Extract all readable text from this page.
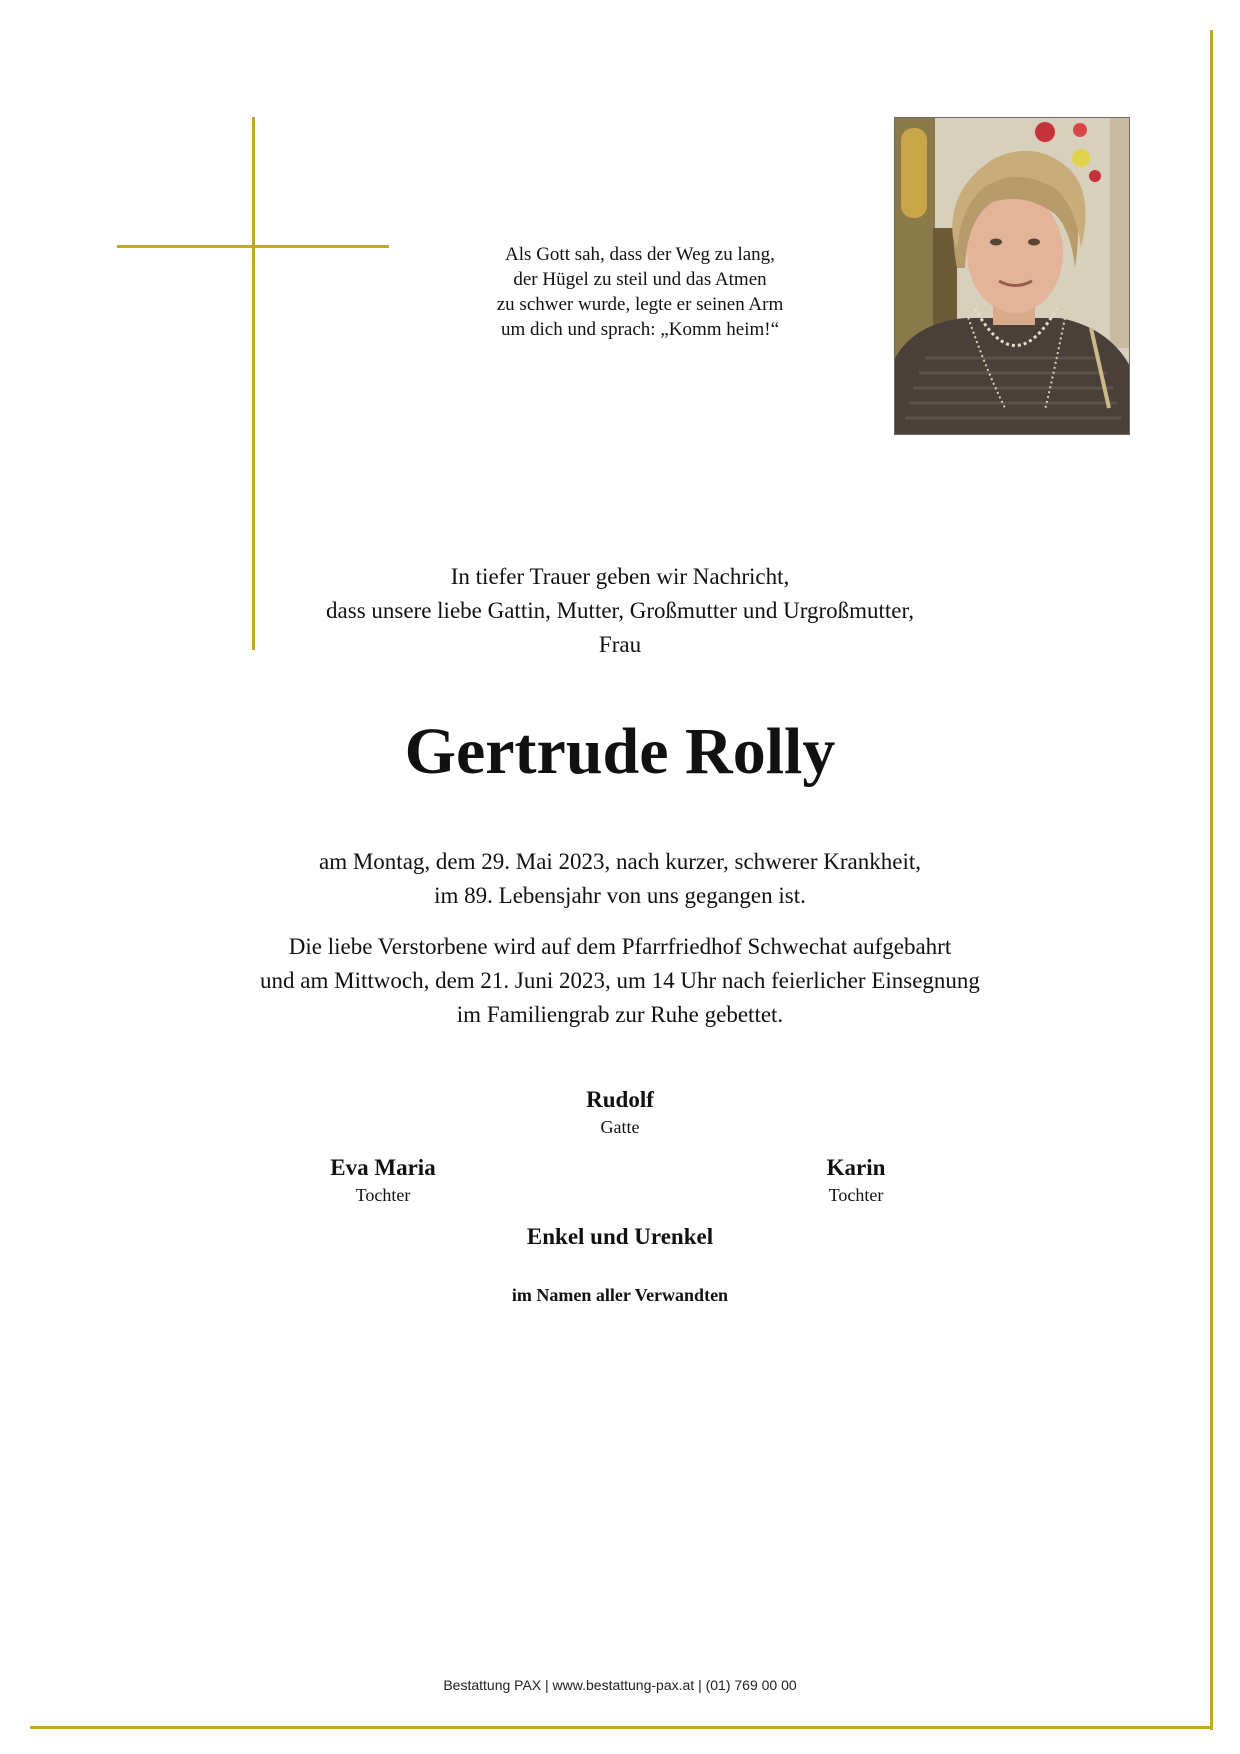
Als Gott sah, dass der Weg zu lang,
der Hügel zu steil und das Atmen
zu schwer wurde, legte er seinen Arm
um dich und sprach: „Komm heim!“

In tiefer Trauer geben wir Nachricht,
dass unsere liebe Gattin, Mutter, Großmutter und Urgroßmutter,
Frau

Gertrude Rolly

am Montag, dem 29. Mai 2023, nach kurzer, schwerer Krankheit,
im 89. Lebensjahr von uns gegangen ist.

Die liebe Verstorbene wird auf dem Pfarrfriedhof Schwechat aufgebahrt
und am Mittwoch, dem 21. Juni 2023, um 14 Uhr nach feierlicher Einsegnung
im Familiengrab zur Ruhe gebettet.

Rudolf
Gatte
Eva Maria
Tochter
Karin
Tochter
Enkel und Urenkel
im Namen aller Verwandten
Bestattung PAX | www.bestattung-pax.at | (01) 769 00 00
